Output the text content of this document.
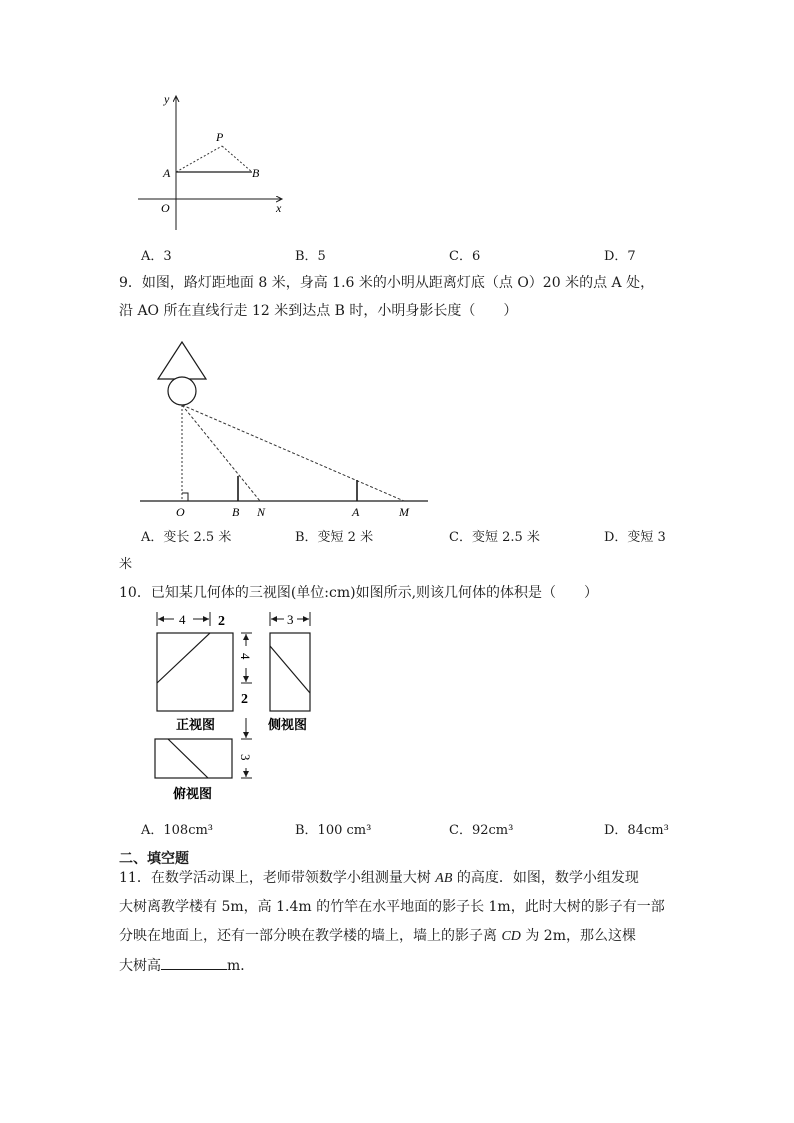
y
x
O
A	B
P
A．3	B．5	C．6	D．7
9．如图，路灯距地面 8 米，身高 1.6 米的小明从距离灯底（点 O）20 米的点 A 处，
沿 AO 所在直线行走 12 米到达点 B 时，小明身影长度（　　）
O	B N	A	M
A．变长 2.5 米	B．变短 2 米	C．变短 2.5 米	D．变短 3
米
10．已知某几何体的三视图(单位:cm)如图所示,则该几何体的体积是（　　）
4 2	3
4
2
3
正视图	侧视图
俯视图
A．108cm³	B．100 cm³	C．92cm³	D．84cm³
二、填空题
11．在数学活动课上，老师带领数学小组测量大树 AB 的高度．如图，数学小组发现
大树离教学楼有 5m，高 1.4m 的竹竿在水平地面的影子长 1m，此时大树的影子有一部
分映在地面上，还有一部分映在教学楼的墙上，墙上的影子离 CD 为 2m，那么这棵
大树高	m．
